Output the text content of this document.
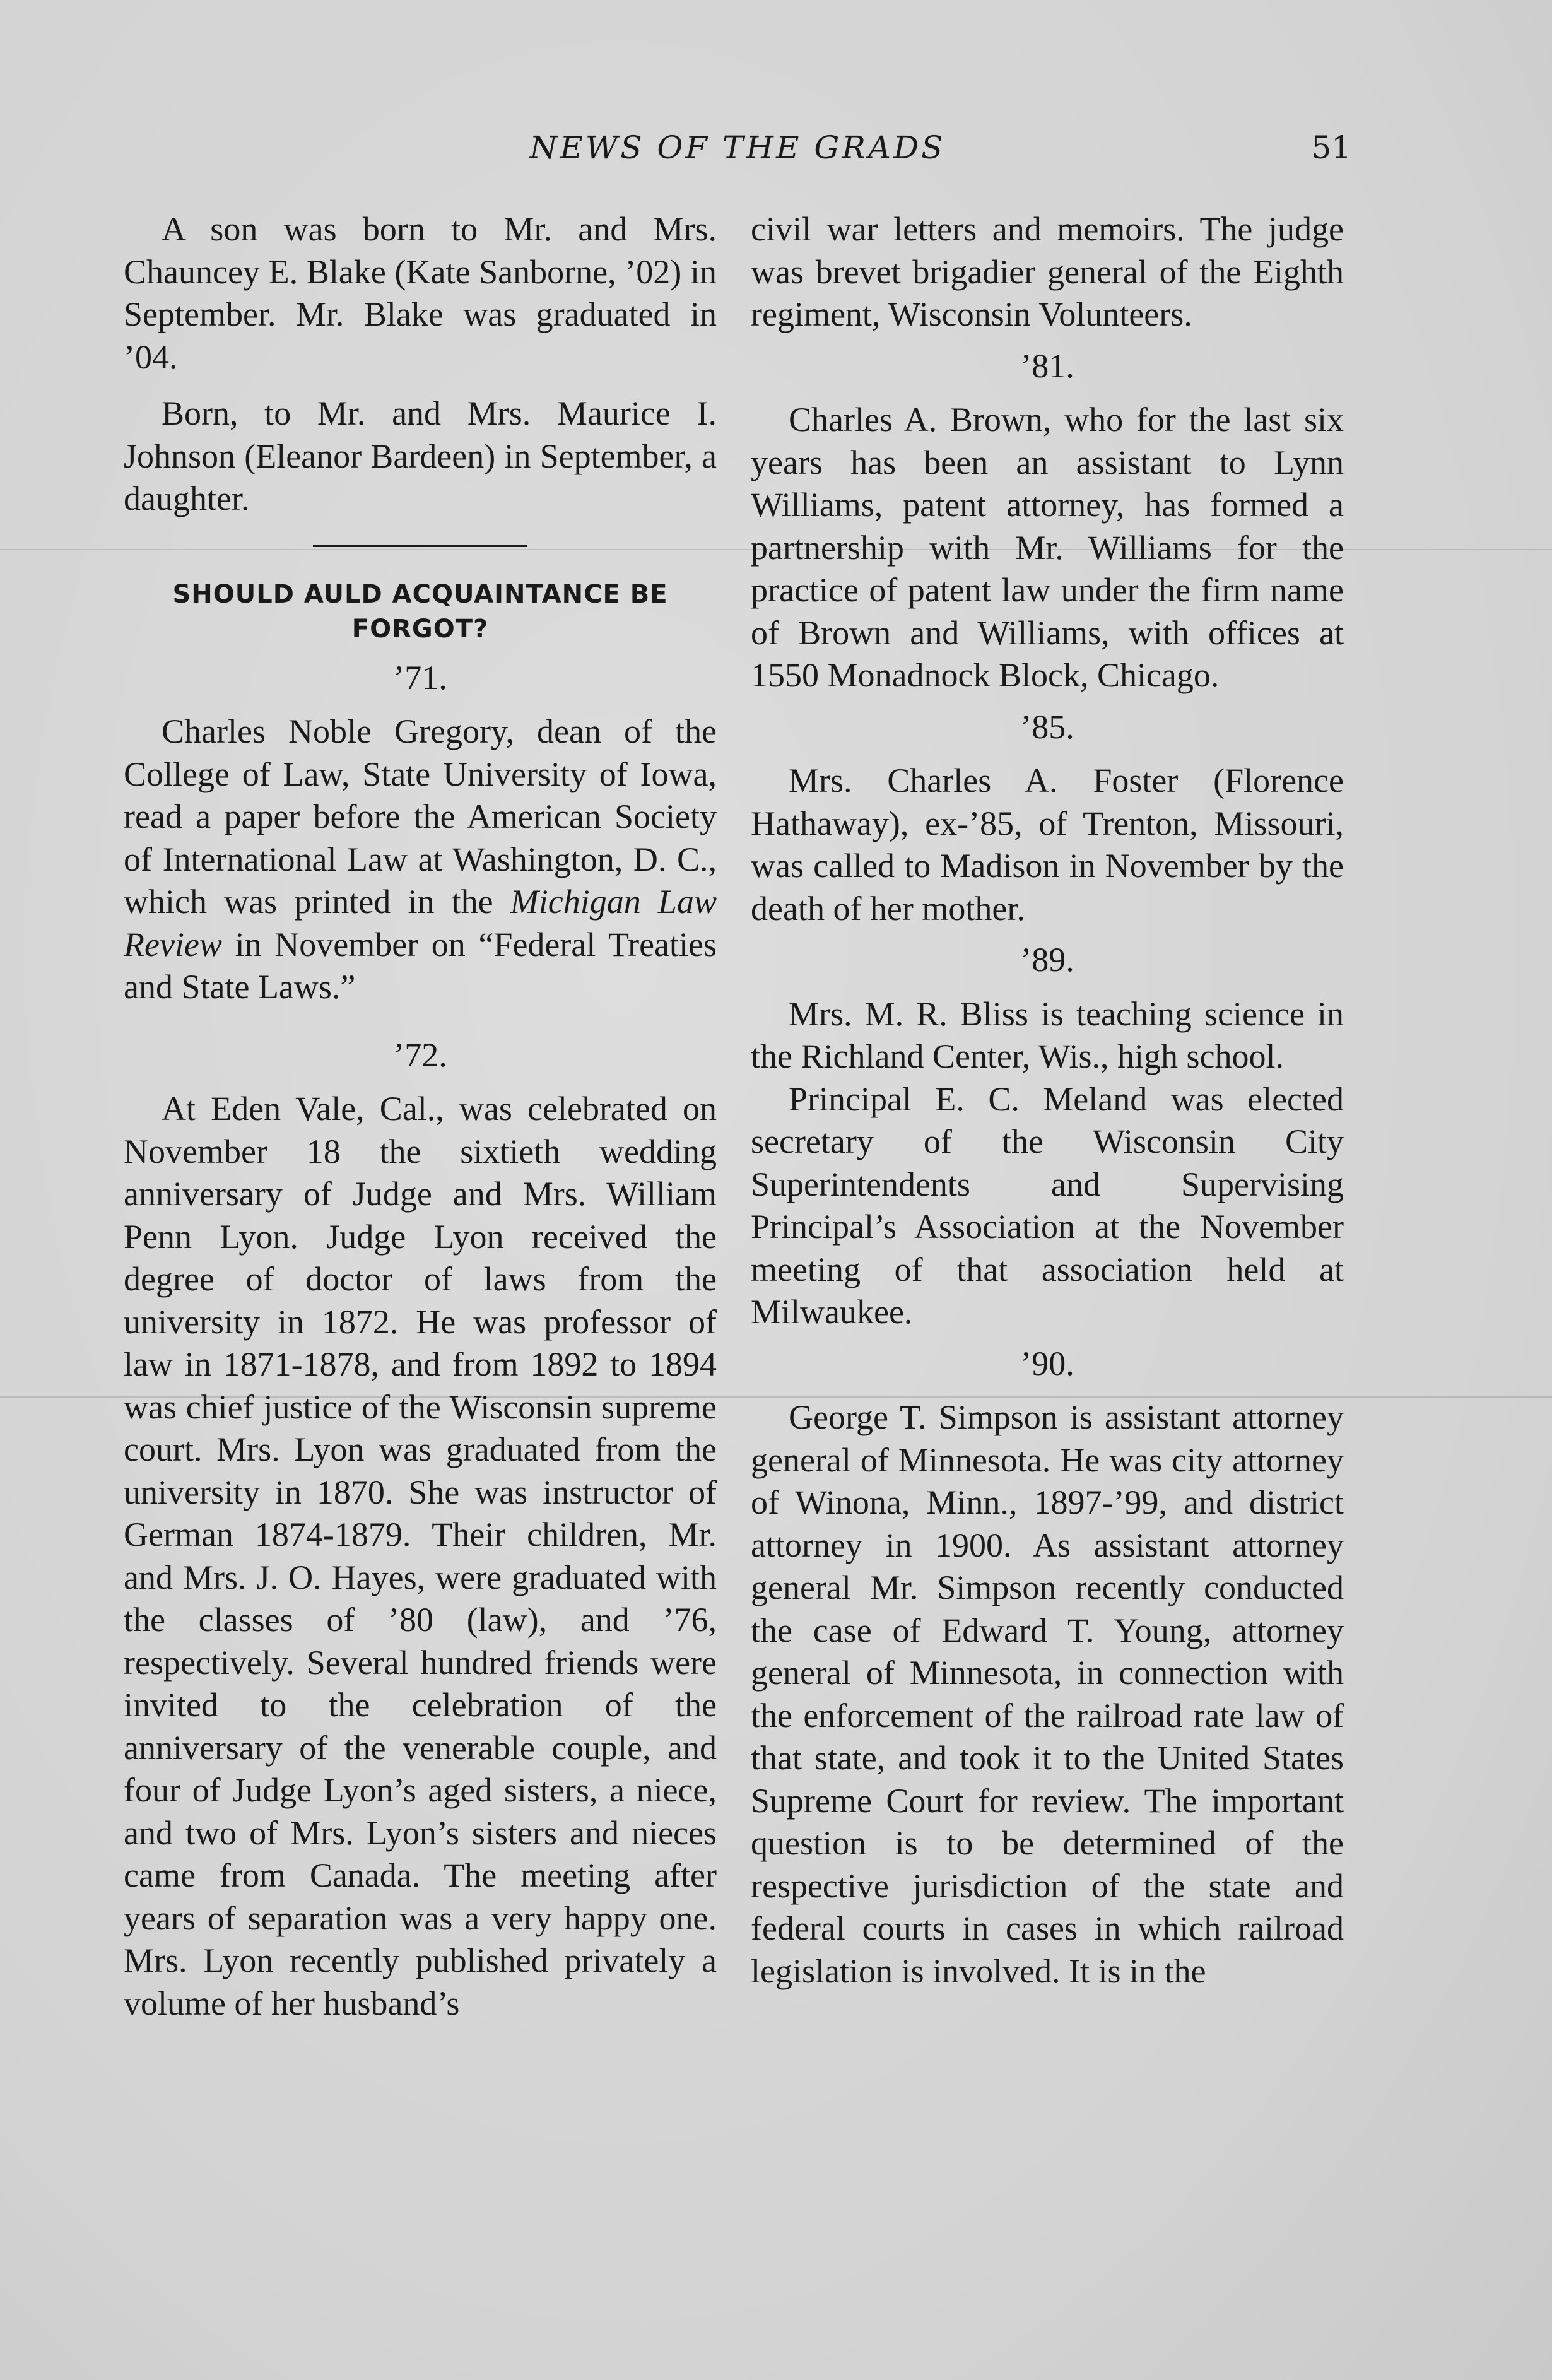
NEWS OF THE GRADS	51

A son was born to Mr. and Mrs. Chauncey E. Blake (Kate Sanborne, ’02) in September. Mr. Blake was graduated in ’04.

Born, to Mr. and Mrs. Maurice I. Johnson (Eleanor Bardeen) in September, a daughter.

SHOULD AULD ACQUAINTANCE BE FORGOT?
’71.

Charles Noble Gregory, dean of the College of Law, State University of Iowa, read a paper before the American Society of International Law at Washington, D. C., which was printed in the Michigan Law Review in November on “Federal Treaties and State Laws.”

’72.

At Eden Vale, Cal., was celebrated on November 18 the sixtieth wedding anniversary of Judge and Mrs. William Penn Lyon. Judge Lyon received the degree of doctor of laws from the university in 1872. He was professor of law in 1871-1878, and from 1892 to 1894 was chief justice of the Wisconsin supreme court. Mrs. Lyon was graduated from the university in 1870. She was instructor of German 1874-1879. Their children, Mr. and Mrs. J. O. Hayes, were graduated with the classes of ’80 (law), and ’76, respectively. Several hundred friends were invited to the celebration of the anniversary of the venerable couple, and four of Judge Lyon’s aged sisters, a niece, and two of Mrs. Lyon’s sisters and nieces came from Canada. The meeting after years of separation was a very happy one. Mrs. Lyon recently published privately a volume of her husband’s

civil war letters and memoirs. The judge was brevet brigadier general of the Eighth regiment, Wisconsin Volunteers.

’81.

Charles A. Brown, who for the last six years has been an assistant to Lynn Williams, patent attorney, has formed a partnership with Mr. Williams for the practice of patent law under the firm name of Brown and Williams, with offices at 1550 Monadnock Block, Chicago.

’85.

Mrs. Charles A. Foster (Florence Hathaway), ex-’85, of Trenton, Missouri, was called to Madison in November by the death of her mother.

’89.

Mrs. M. R. Bliss is teaching science in the Richland Center, Wis., high school.

Principal E. C. Meland was elected secretary of the Wisconsin City Superintendents and Supervising Principal’s Association at the November meeting of that association held at Milwaukee.

’90.

George T. Simpson is assistant attorney general of Minnesota. He was city attorney of Winona, Minn., 1897-’99, and district attorney in 1900. As assistant attorney general Mr. Simpson recently conducted the case of Edward T. Young, attorney general of Minnesota, in connection with the enforcement of the railroad rate law of that state, and took it to the United States Supreme Court for review. The important question is to be determined of the respective jurisdiction of the state and federal courts in cases in which railroad legislation is involved. It is in the
